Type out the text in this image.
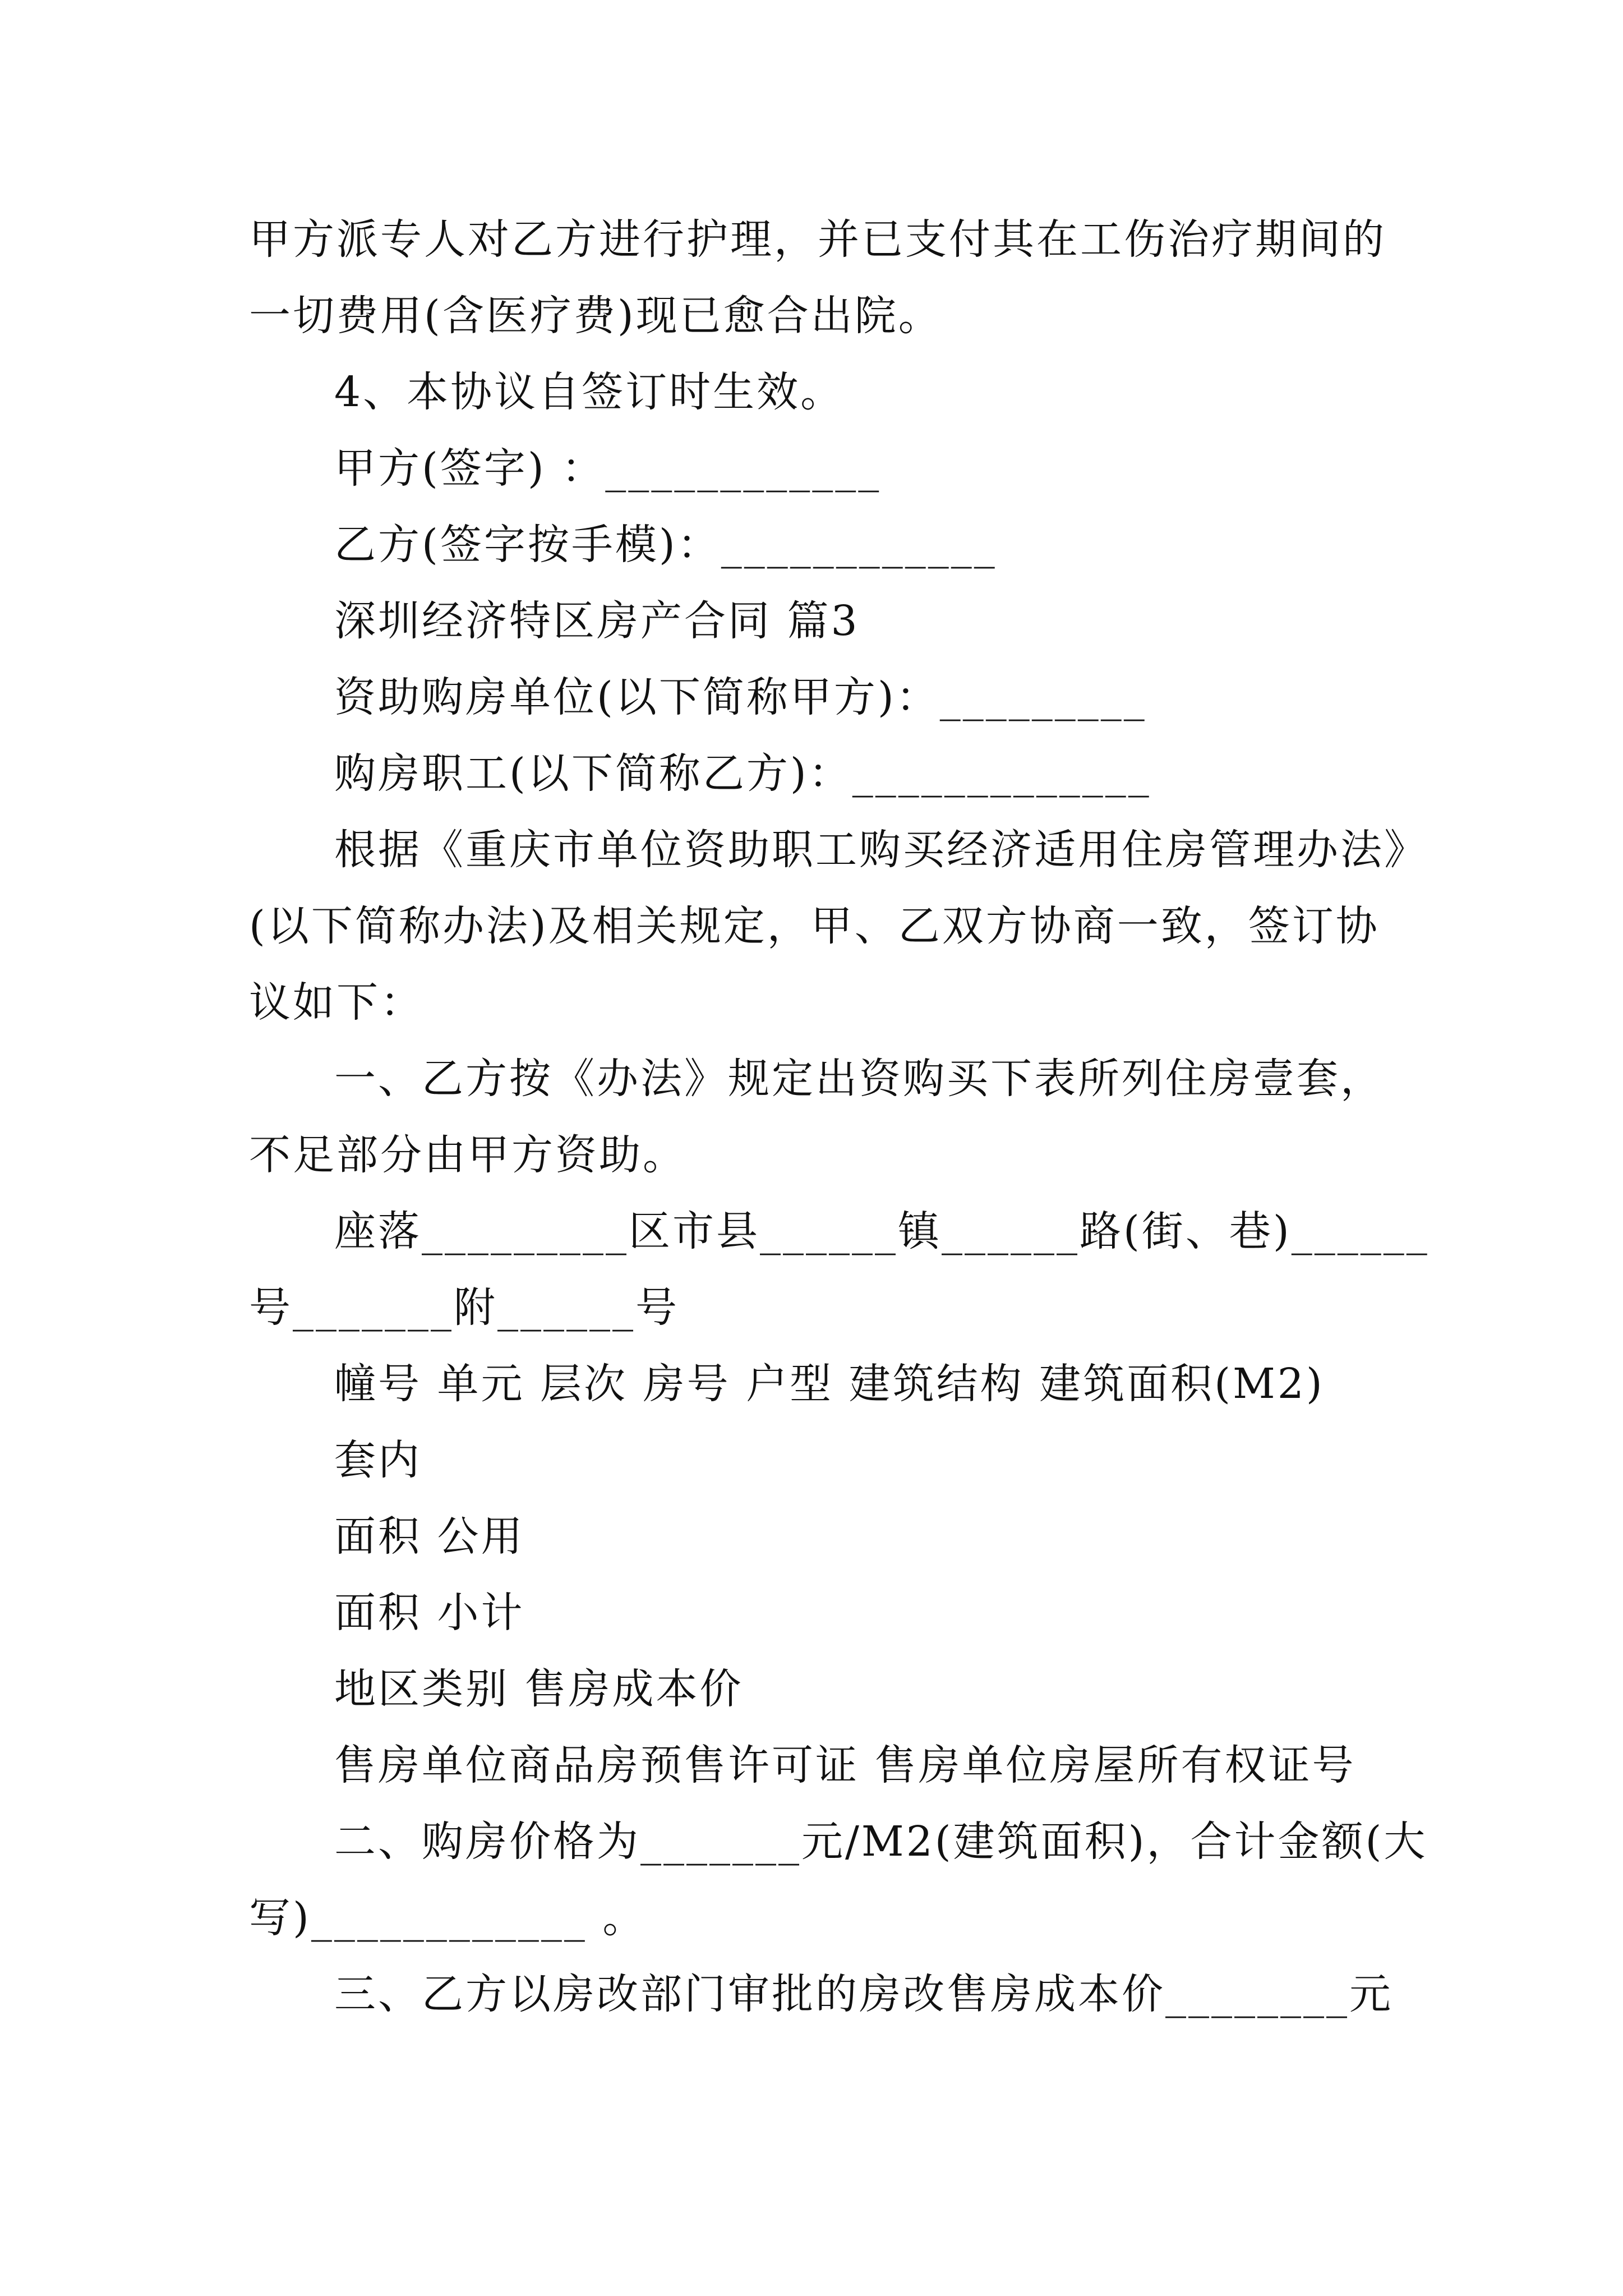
甲方派专人对乙方进行护理，并已支付其在工伤治疗期间的
一切费用(含医疗费)现已愈合出院。
4、本协议自签订时生效。
甲方(签字) ：____________
乙方(签字按手模)：____________
深圳经济特区房产合同 篇3
资助购房单位(以下简称甲方)：_________
购房职工(以下简称乙方)：_____________
根据《重庆市单位资助职工购买经济适用住房管理办法》
(以下简称办法)及相关规定，甲、乙双方协商一致，签订协
议如下：
一、乙方按《办法》规定出资购买下表所列住房壹套，
不足部分由甲方资助。
座落_________区市县______镇______路(街、巷)______
号_______附______号
幢号 单元 层次 房号 户型 建筑结构 建筑面积(M2)
套内
面积 公用
面积 小计
地区类别 售房成本价
售房单位商品房预售许可证 售房单位房屋所有权证号
二、购房价格为_______元/M2(建筑面积)，合计金额(大
写)____________ 。
三、乙方以房改部门审批的房改售房成本价________元
